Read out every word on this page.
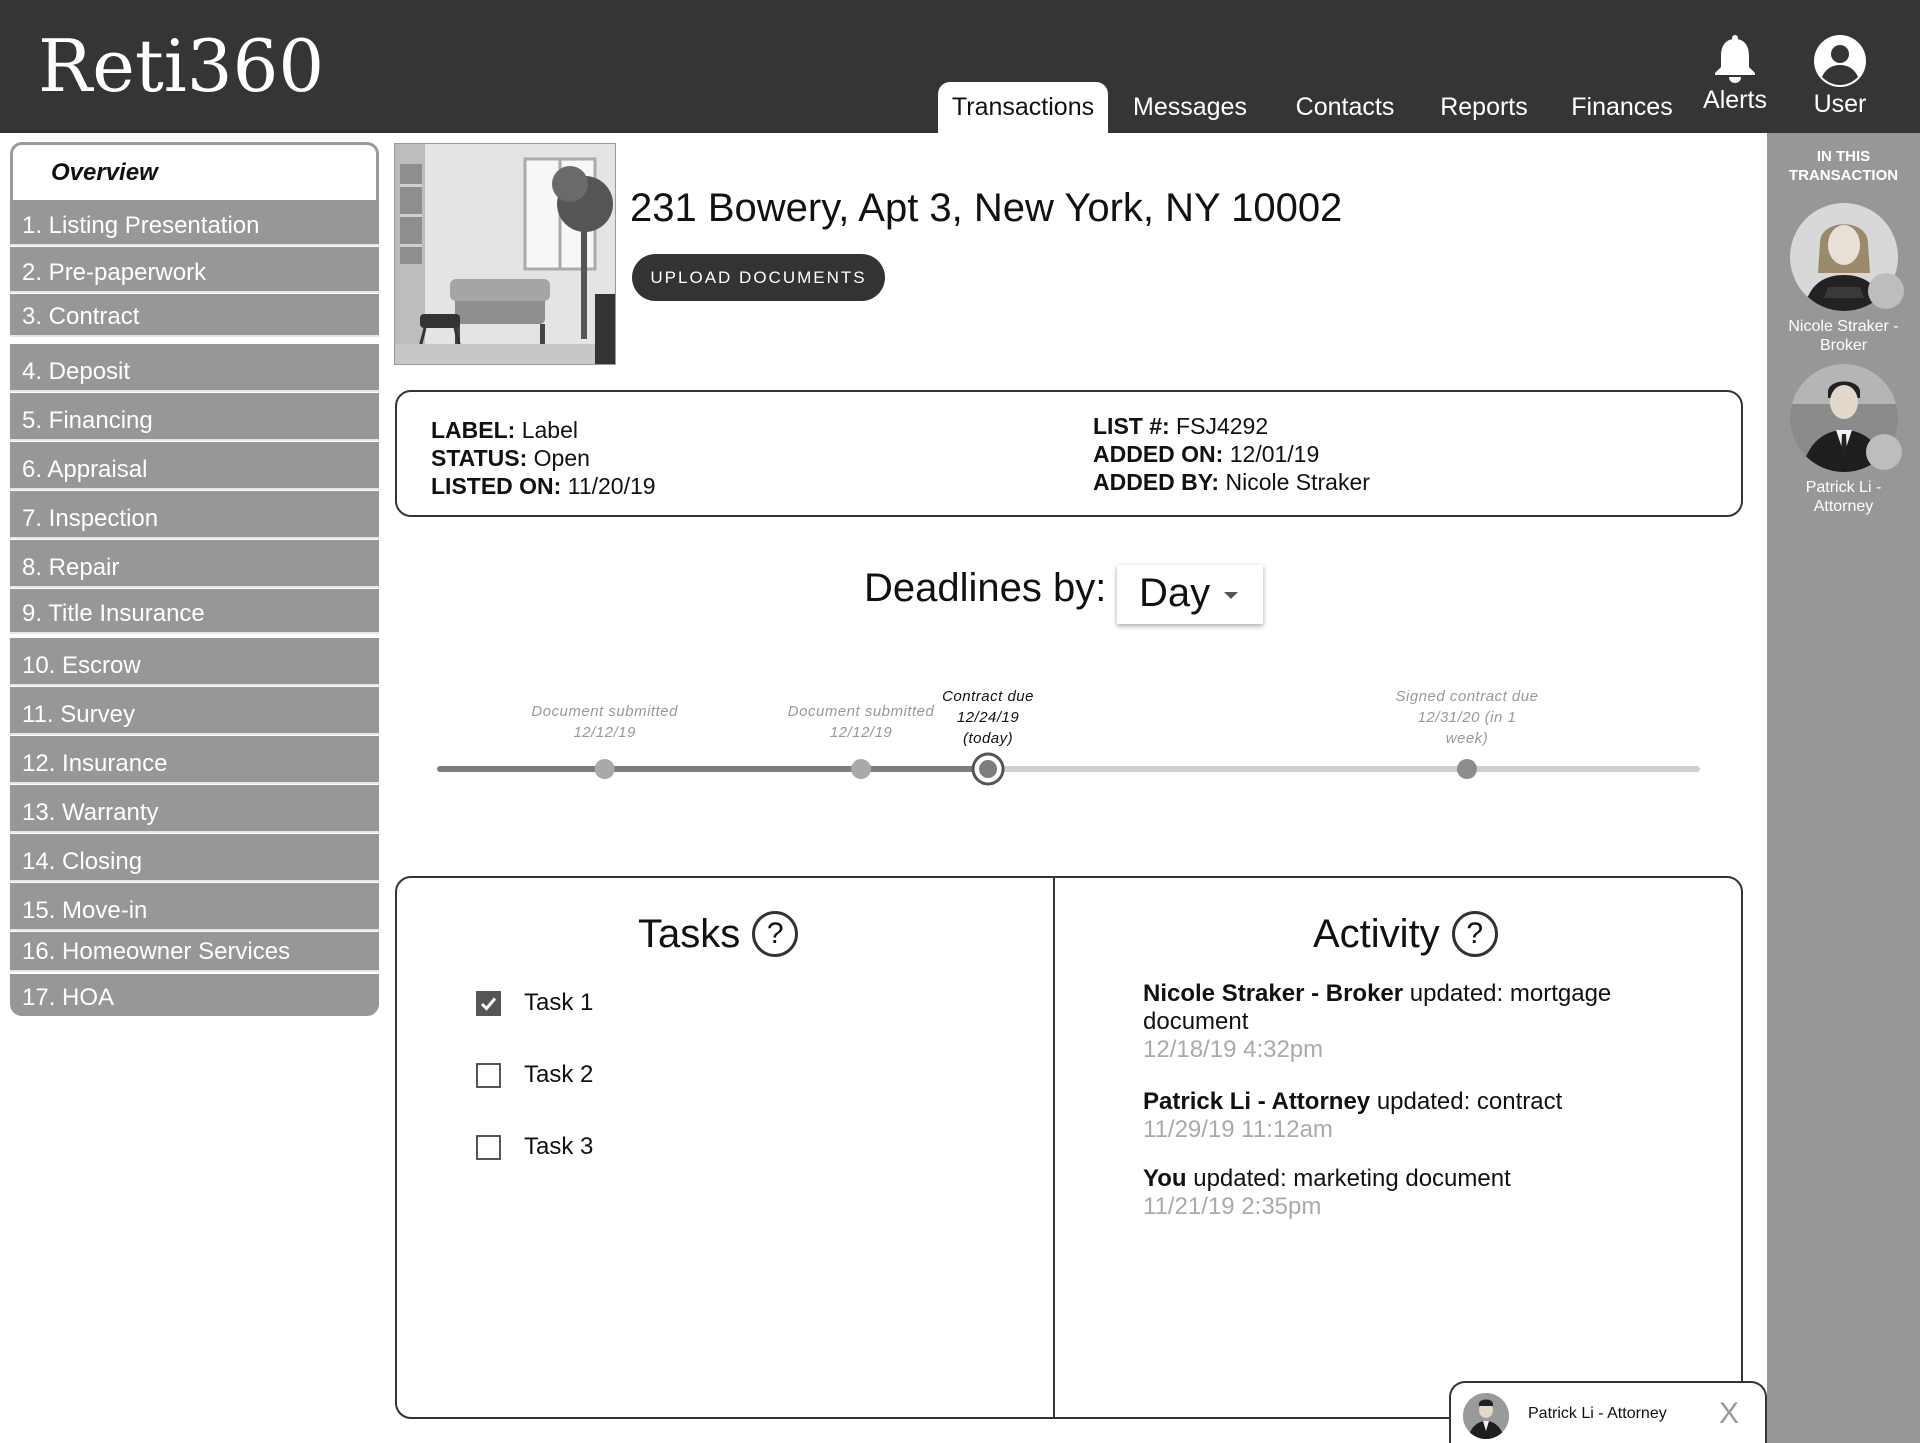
Reti360	Transactions	Messages	Contacts	Reports	Finances	Alerts	User
Overview
1. Listing Presentation
2. Pre-paperwork
3. Contract
4. Deposit
5. Financing
6. Appraisal
7. Inspection
8. Repair
9. Title Insurance
10. Escrow
11. Survey
12. Insurance
13. Warranty
14. Closing
15. Move-in
16. Homeowner Services
17. HOA
231 Bowery, Apt 3, New York, NY 10002
UPLOAD DOCUMENTS
LABEL: Label
STATUS: Open
LISTED ON: 11/20/19
LIST #: FSJ4292
ADDED ON: 12/01/19
ADDED BY: Nicole Straker
Deadlines by: Day
Document submitted
12/12/19
Document submitted
12/12/19
Contract due
12/24/19
(today)
Signed contract due
12/31/20 (in 1
week)
Tasks ?
Task 1
Task 2
Task 3
Activity ?
Nicole Straker - Broker updated: mortgage document
12/18/19 4:32pm
Patrick Li - Attorney updated: contract
11/29/19 11:12am
You updated: marketing document
11/21/19 2:35pm
IN THIS
TRANSACTION
Nicole Straker -
Broker
Patrick Li -
Attorney
Patrick Li - Attorney X
